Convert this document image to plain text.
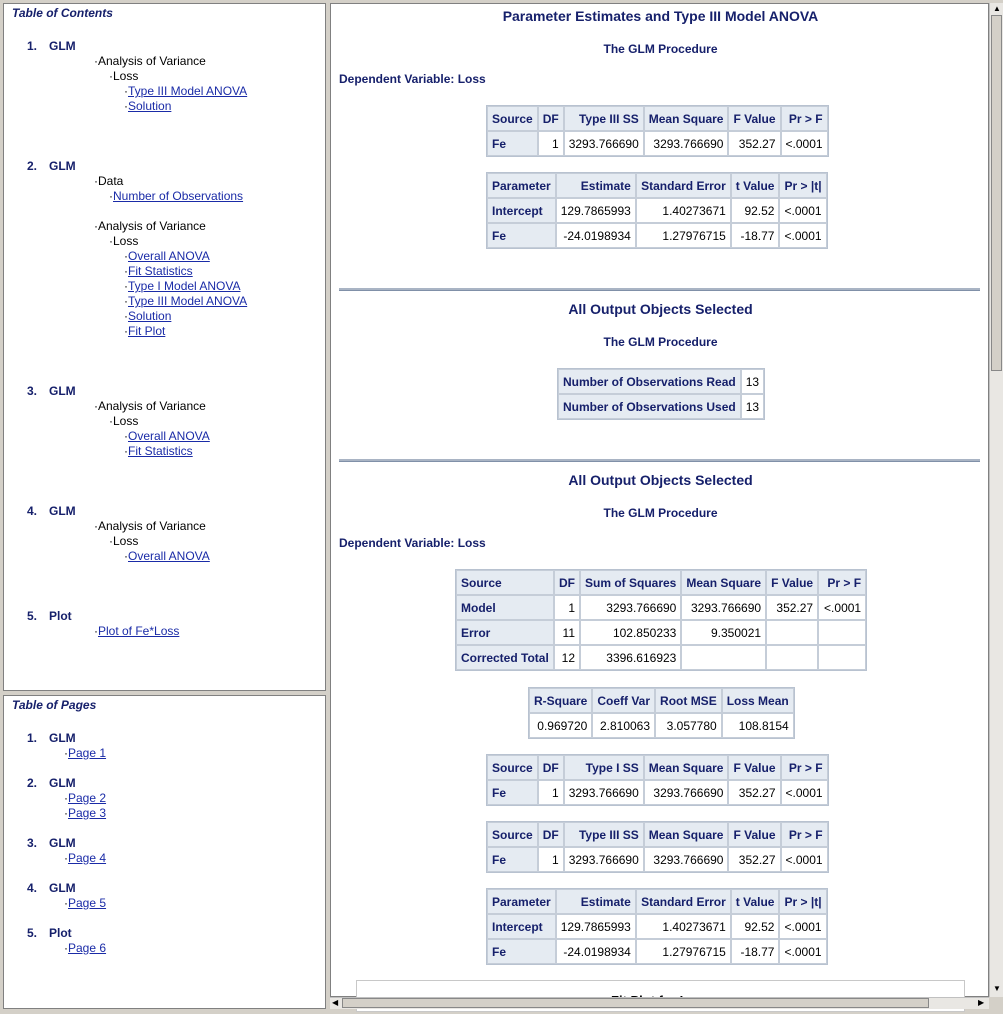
Table of Contents
1. GLM
·Analysis of Variance
·Loss
·Type III Model ANOVA
·Solution
2. GLM
·Data
·Number of Observations
·Analysis of Variance
·Loss
·Overall ANOVA
·Fit Statistics
·Type I Model ANOVA
·Type III Model ANOVA
·Solution
·Fit Plot
3. GLM
·Analysis of Variance
·Loss
·Overall ANOVA
·Fit Statistics
4. GLM
·Analysis of Variance
·Loss
·Overall ANOVA
5. Plot
·Plot of Fe*Loss
Table of Pages
1. GLM
·Page 1
2. GLM
·Page 2
·Page 3
3. GLM
·Page 4
4. GLM
·Page 5
5. Plot
·Page 6
Parameter Estimates and Type III Model ANOVA
The GLM Procedure
Dependent Variable: Loss
Source	DF	Type III SS	Mean Square	F Value	Pr > F
Fe	1	3293.766690	3293.766690	352.27	<.0001
Parameter	Estimate	Standard Error	t Value	Pr > |t|
Intercept	129.7865993	1.40273671	92.52	<.0001
Fe	-24.0198934	1.27976715	-18.77	<.0001
All Output Objects Selected
The GLM Procedure
Number of Observations Read	13
Number of Observations Used	13
All Output Objects Selected
The GLM Procedure
Dependent Variable: Loss
Source	DF	Sum of Squares	Mean Square	F Value	Pr > F
Model	1	3293.766690	3293.766690	352.27	<.0001
Error	11	102.850233	9.350021		
Corrected Total	12	3396.616923			
R-Square	Coeff Var	Root MSE	Loss Mean
0.969720	2.810063	3.057780	108.8154
Source	DF	Type I SS	Mean Square	F Value	Pr > F
Fe	1	3293.766690	3293.766690	352.27	<.0001
Source	DF	Type III SS	Mean Square	F Value	Pr > F
Fe	1	3293.766690	3293.766690	352.27	<.0001
Parameter	Estimate	Standard Error	t Value	Pr > |t|
Intercept	129.7865993	1.40273671	92.52	<.0001
Fe	-24.0198934	1.27976715	-18.77	<.0001
▲
▼
◀	▶
